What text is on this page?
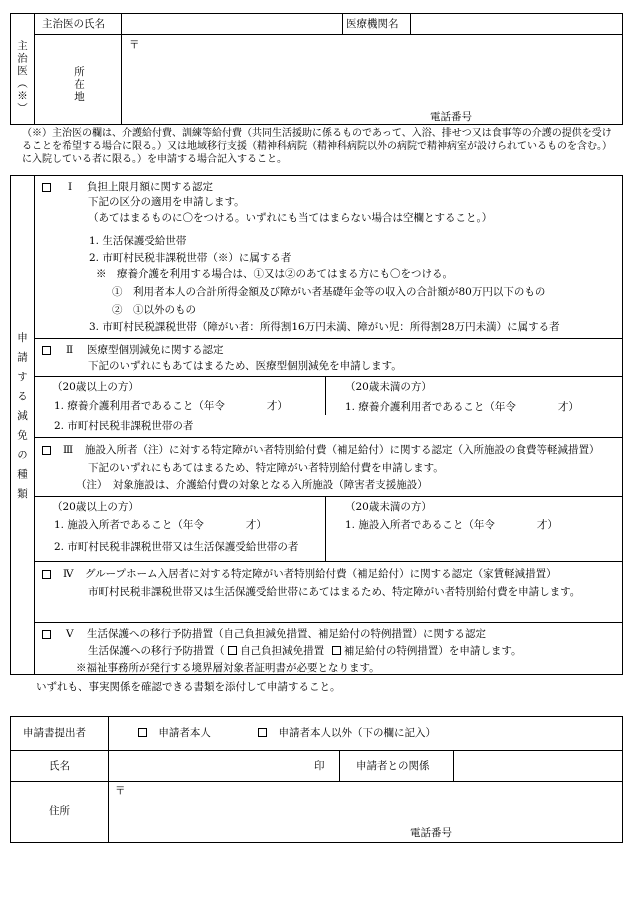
主治医（※）
主治医の氏名	医療機関名
所在地
〒
電話番号
（※）主治医の欄は、介護給付費、訓練等給付費（共同生活援助に係るものであって、入浴、排せつ又は食事等の介護の提供を受けることを希望する場合に限る。）又は地域移行支援（精神科病院（精神科病院以外の病院で精神病室が設けられているものを含む。）に入院している者に限る。）を申請する場合記入すること。
申請する減免の種類
Ⅰ 負担上限月額に関する認定
下記の区分の適用を申請します。
（あてはまるものに〇をつける。いずれにも当てはまらない場合は空欄とすること。）
1. 生活保護受給世帯
2. 市町村民税非課税世帯（※）に属する者
※　療養介護を利用する場合は、①又は②のあてはまる方にも〇をつける。
①　利用者本人の合計所得金額及び障がい者基礎年金等の収入の合計額が80万円以下のもの
②　①以外のもの
3. 市町村民税課税世帯（障がい者：所得割16万円未満、障がい児：所得割28万円未満）に属する者
Ⅱ 医療型個別減免に関する認定
下記のいずれにもあてはまるため、医療型個別減免を申請します。
（20歳以上の方）
1. 療養介護利用者であること（年令　　　　才）
2. 市町村民税非課税世帯の者
（20歳未満の方）
1. 療養介護利用者であること（年令　　　　才）
Ⅲ 施設入所者（注）に対する特定障がい者特別給付費（補足給付）に関する認定（入所施設の食費等軽減措置）
下記のいずれにもあてはまるため、特定障がい者特別給付費を申請します。
（注）　対象施設は、介護給付費の対象となる入所施設（障害者支援施設）
（20歳以上の方）
1. 施設入所者であること（年令　　　　才）
2. 市町村民税非課税世帯又は生活保護受給世帯の者
（20歳未満の方）
1. 施設入所者であること（年令　　　　才）
Ⅳ グループホーム入居者に対する特定障がい者特別給付費（補足給付）に関する認定（家賃軽減措置）
市町村民税非課税世帯又は生活保護受給世帯にあてはまるため、特定障がい者特別給付費を申請します。
Ⅴ 生活保護への移行予防措置（自己負担減免措置、補足給付の特例措置）に関する認定
生活保護への移行予防措置（ 自己負担減免措置 補足給付の特例措置）を申請します。
※福祉事務所が発行する境界層対象者証明書が必要となります。
いずれも、事実関係を確認できる書類を添付して申請すること。
申請書提出者	申請者本人	申請者本人以外（下の欄に記入）
氏名	印	申請者との関係
住所
〒
電話番号
